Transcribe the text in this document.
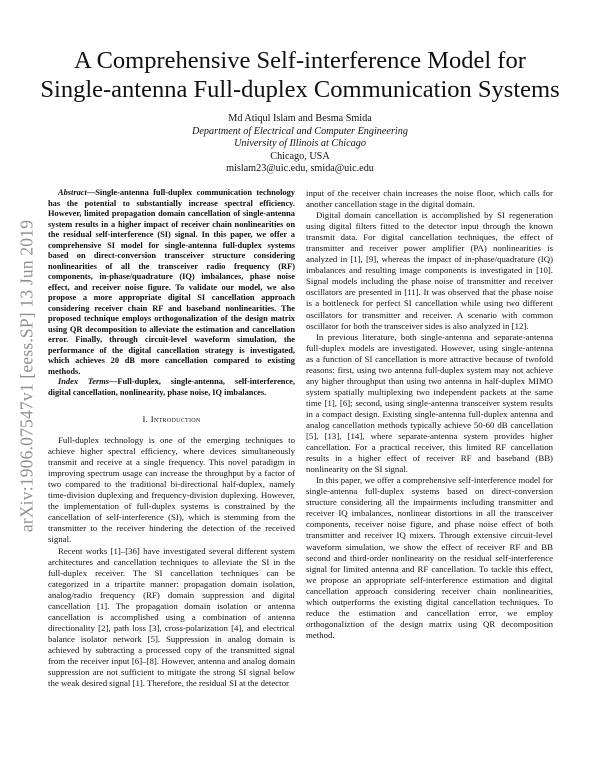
arXiv:1906.07547v1 [eess.SP] 13 Jun 2019
A Comprehensive Self-interference Model for
Single-antenna Full-duplex Communication Systems
Md Atiqul Islam and Besma Smida
Department of Electrical and Computer Engineering
University of Illinois at Chicago
Chicago, USA
mislam23@uic.edu, smida@uic.edu

Abstract—Single-antenna full-duplex communication technology has the potential to substantially increase spectral efficiency. However, limited propagation domain cancellation of single-antenna system results in a higher impact of receiver chain nonlinearities on the residual self-interference (SI) signal. In this paper, we offer a comprehensive SI model for single-antenna full-duplex systems based on direct-conversion transceiver structure considering nonlinearities of all the transceiver radio frequency (RF) components, in-phase/quadrature (IQ) imbalances, phase noise effect, and receiver noise figure. To validate our model, we also propose a more appropriate digital SI cancellation approach considering receiver chain RF and baseband nonlinearities. The proposed technique employs orthogonalization of the design matrix using QR decomposition to alleviate the estimation and cancellation error. Finally, through circuit-level waveform simulation, the performance of the digital cancellation strategy is investigated, which achieves 20 dB more cancellation compared to existing methods.

Index Terms—Full-duplex, single-antenna, self-interference, digital cancellation, nonlinearity, phase noise, IQ imbalances.

I. Introduction

Full-duplex technology is one of the emerging techniques to achieve higher spectral efficiency, where devices simultaneously transmit and receive at a single frequency. This novel paradigm in improving spectrum usage can increase the throughput by a factor of two compared to the traditional bi-directional half-duplex, namely time-division duplexing and frequency-division duplexing. However, the implementation of full-duplex systems is constrained by the cancellation of self-interference (SI), which is stemming from the transmitter to the receiver hindering the detection of the received signal.

Recent works [1]–[36] have investigated several different system architectures and cancellation techniques to alleviate the SI in the full-duplex receiver. The SI cancellation techniques can be categorized in a tripartite manner: propagation domain isolation, analog/radio frequency (RF) domain suppression and digital cancellation [1]. The propagation domain isolation or antenna cancellation is accomplished using a combination of antenna directionality [2], path loss [3], cross-polarization [4], and electrical balance isolator network [5]. Suppression in analog domain is achieved by subtracting a processed copy of the transmitted signal from the receiver input [6]–[8]. However, antenna and analog domain suppression are not sufficient to mitigate the strong SI signal below the weak desired signal [1]. Therefore, the residual SI at the detector

input of the receiver chain increases the noise floor, which calls for another cancellation stage in the digital domain.

Digital domain cancellation is accomplished by SI regeneration using digital filters fitted to the detector input through the known transmit data. For digital cancellation techniques, the effect of transmitter and receiver power amplifier (PA) nonlinearities is analyzed in [1], [9], whereas the impact of in-phase/quadrature (IQ) imbalances and resulting image components is investigated in [10]. Signal models including the phase noise of transmitter and receiver oscillators are presented in [11]. It was observed that the phase noise is a bottleneck for perfect SI cancellation while using two different oscillators for transmitter and receiver. A scenario with common oscillator for both the transceiver sides is also analyzed in [12].

In previous literature, both single-antenna and separate-antenna full-duplex models are investigated. However, using single-antenna as a function of SI cancellation is more attractive because of twofold reasons: first, using two antenna full-duplex system may not achieve any higher throughput than using two antenna in half-duplex MIMO system spatially multiplexing two independent packets at the same time [1], [6]; second, using single-antenna transceiver system results in a compact design. Existing single-antenna full-duplex antenna and analog cancellation methods typically achieve 50-60 dB cancellation [5], [13], [14], where separate-antenna system provides higher cancellation. For a practical receiver, this limited RF cancellation results in a higher effect of receiver RF and baseband (BB) nonlinearity on the SI signal.

In this paper, we offer a comprehensive self-interference model for single-antenna full-duplex systems based on direct-conversion structure considering all the impairments including transmitter and receiver IQ imbalances, nonlinear distortions in all the transceiver components, receiver noise figure, and phase noise effect of both transmitter and receiver IQ mixers. Through extensive circuit-level waveform simulation, we show the effect of receiver RF and BB second and third-order nonlinearity on the residual self-interference signal for limited antenna and RF cancellation. To tackle this effect, we propose an appropriate self-interference estimation and digital cancellation approach considering receiver chain nonlinearities, which outperforms the existing digital cancellation techniques. To reduce the estimation and cancellation error, we employ orthogonaliztion of the design matrix using QR decomposition method.
